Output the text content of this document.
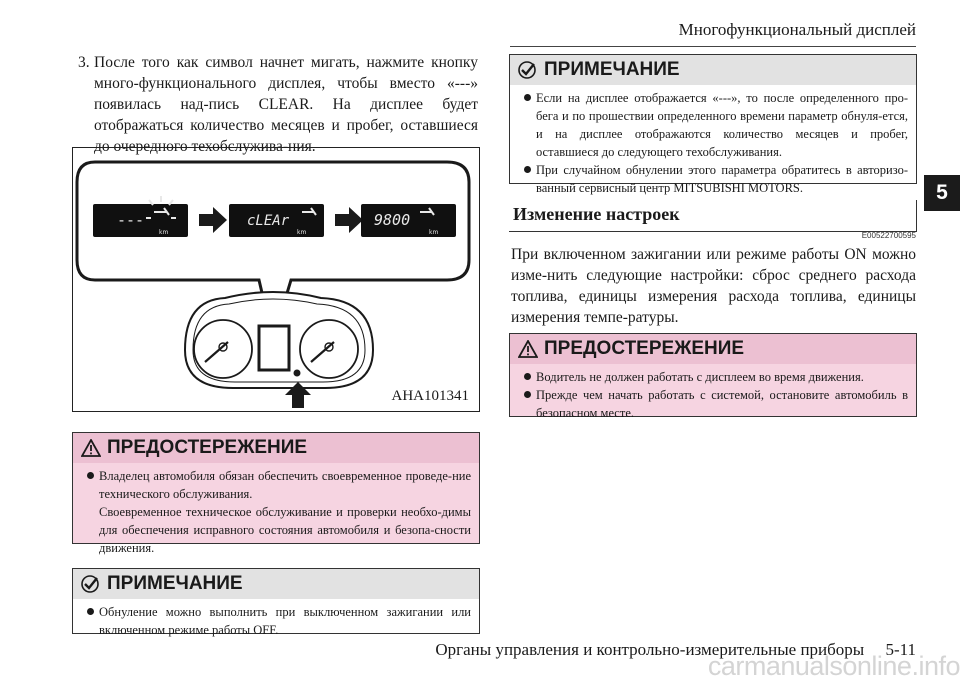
Многофункциональный дисплей
5
3. После того как символ начнет мигать, нажмите кнопку много-функционального дисплея, чтобы вместо «---» появилась над-пись CLEAR. На дисплее будет отображаться количество месяцев и пробег, оставшиеся до очередного техобслужива-ния.
---
km
cLEAr
km
9800
km
AHA101341
ПРЕДОСТЕРЕЖЕНИЕ
Владелец автомобиля обязан обеспечить своевременное проведе-ние технического обслуживания.
Своевременное техническое обслуживание и проверки необхо-димы для обеспечения исправного состояния автомобиля и безопа-сности движения.
ПРИМЕЧАНИЕ
Обнуление можно выполнить при выключенном зажигании или включенном режиме работы OFF.
ПРИМЕЧАНИЕ
Если на дисплее отображается «---», то после определенного про-бега и по прошествии определенного времени параметр обнуля-ется, и на дисплее отображаются количество месяцев и пробег, оставшиеся до следующего техобслуживания.
При случайном обнулении этого параметра обратитесь в авторизо-ванный сервисный центр MITSUBISHI MOTORS.
Изменение настроек
E00522700595
При включенном зажигании или режиме работы ON можно изме-нить следующие настройки: сброс среднего расхода топлива, единицы измерения расхода топлива, единицы измерения темпе-ратуры.
ПРЕДОСТЕРЕЖЕНИЕ
Водитель не должен работать с дисплеем во время движения.
Прежде чем начать работать с системой, остановите автомобиль в безопасном месте.
Органы управления и контрольно-измерительные приборы     5-11
carmanualsonline.info
